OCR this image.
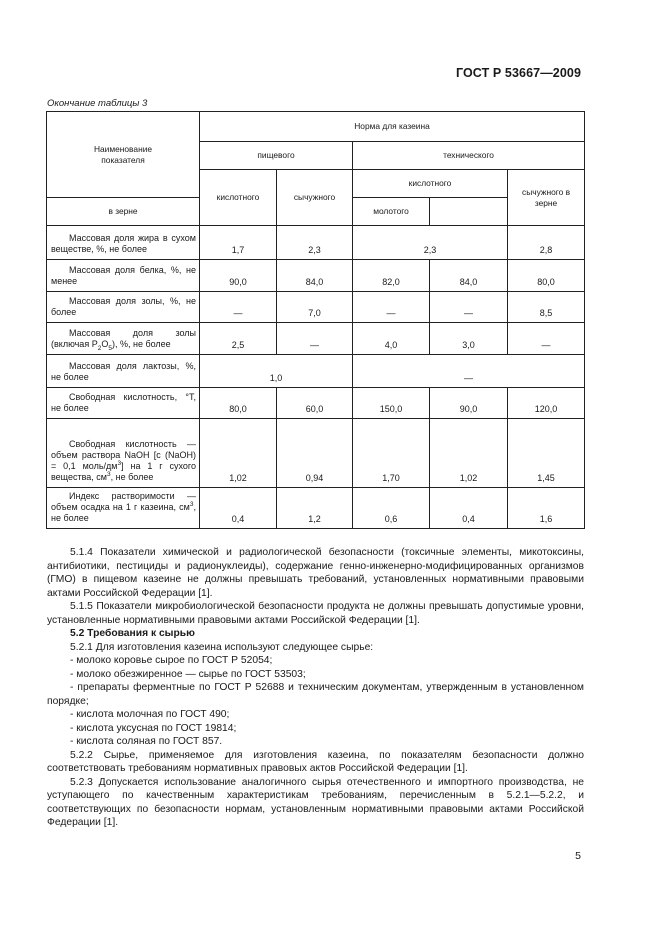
ГОСТ Р 53667—2009
Окончание таблицы 3
Наименование показателя	Норма для казеина				
	пищевого		технического		
	кислотного	сычужного	кислотного		сычужного в зерне
в зерне			молотого		
Массовая доля жира в сухом веществе, %, не более	1,7	2,3	2,3		2,8
Массовая доля белка, %, не менее	90,0	84,0	82,0	84,0	80,0
Массовая доля золы, %, не более	—	7,0	—	—	8,5
Массовая доля золы (включая $P_2O_5$), %, не более	2,5	—	4,0	3,0	—
Массовая доля лактозы, %, не более	1,0		—		
Свободная кислотность, °Т, не более	80,0	60,0	150,0	90,0	120,0
Свободная кислотность — объем раствора NaOH [с (NaOH) = 0,1 моль/$дм^3$] на 1 г сухого вещества, $см^3$, не более	1,02	0,94	1,70	1,02	1,45
Индекс растворимости — объем осадка на 1 г казеина, $см^3$, не более	0,4	1,2	0,6	0,4	1,6

5.1.4 Показатели химической и радиологической безопасности (токсичные элементы, микотоксины, антибиотики, пестициды и радионуклеиды), содержание генно-инженерно-модифицированных организмов (ГМО) в пищевом казеине не должны превышать требований, установленных нормативными правовыми актами Российской Федерации [1].

5.1.5 Показатели микробиологической безопасности продукта не должны превышать допустимые уровни, установленные нормативными правовыми актами Российской Федерации [1].

5.2 Требования к сырью

5.2.1 Для изготовления казеина используют следующее сырье:

- молоко коровье сырое по ГОСТ Р 52054;

- молоко обезжиренное — сырье по ГОСТ 53503;

- препараты ферментные по ГОСТ Р 52688 и техническим документам, утвержденным в установленном порядке;

- кислота молочная по ГОСТ 490;

- кислота уксусная по ГОСТ 19814;

- кислота соляная по ГОСТ 857.

5.2.2 Сырье, применяемое для изготовления казеина, по показателям безопасности должно соответствовать требованиям нормативных правовых актов Российской Федерации [1].

5.2.3 Допускается использование аналогичного сырья отечественного и импортного производства, не уступающего по качественным характеристикам требованиям, перечисленным в 5.2.1—5.2.2, и соответствующих по безопасности нормам, установленным нормативными правовыми актами Российской Федерации [1].

5
